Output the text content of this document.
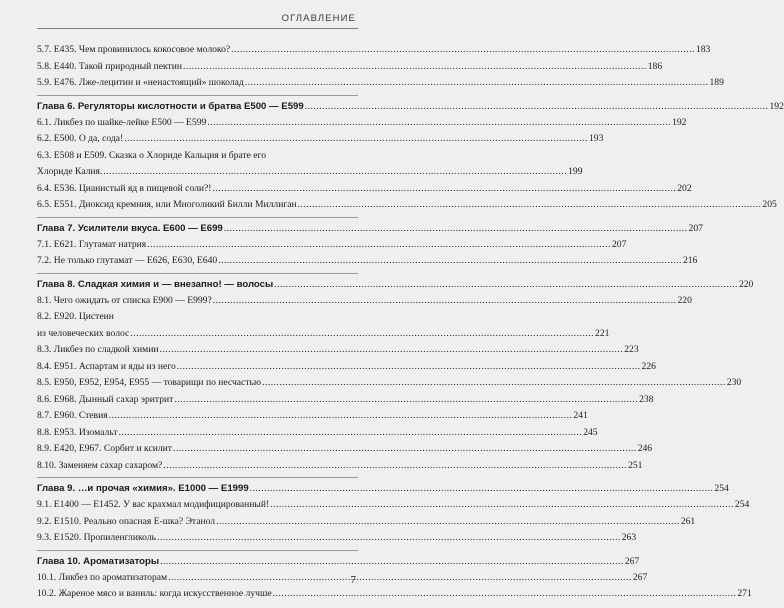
ОГЛАВЛЕНИЕ
5.7. Е435. Чем провинилось кокосовое молоко? .....	183
5.8. Е440. Такой природный пектин .....	186
5.9. Е476. Лже-лецитин и «ненастоящий» шоколад .....	189
Глава 6. Регуляторы кислотности и братва Е500 — Е599 .....	192
6.1. Ликбез по шайке-лейке Е500 — Е599 .....	192
6.2. Е500. О да, сода! .....	193
6.3. Е508 и Е509. Сказка о Хлориде Кальция и брате его
Хлориде Калия. .....	199
6.4. Е536. Цианистый яд в пищевой соли?! .....	202
6.5. Е551. Диоксид кремния, или Многоликий Билли Миллиган .....	205
Глава 7. Усилители вкуса. Е600 — Е699 .....	207
7.1. Е621. Глутамат натрия .....	207
7.2. Не только глутамат — Е626, Е630, Е640 .....	216
Глава 8. Сладкая химия и — внезапно! — волосы .....	220
8.1. Чего ожидать от списка Е900 — Е999? .....	220
8.2. Е920. Цистеин
из человеческих волос .....	221
8.3. Ликбез по сладкой химии .....	223
8.4. Е951. Аспартам и яды из него .....	226
8.5. Е950, Е952, Е954, Е955 — товарищи по несчастью .....	230
8.6. Е968. Дынный сахар эритрит .....	238
8.7. Е960. Стевия .....	241
8.8. Е953. Изомальт .....	245
8.9. Е420, Е967. Сорбит и ксилит .....	246
8.10. Заменяем сахар сахаром? .....	251
Глава 9. …и прочая «химия». Е1000 — Е1999 .....	254
9.1. Е1400 — Е1452. У вас крахмал модифицированный! .....	254
9.2. Е1510. Реально опасная Е-шка? Этанол .....	261
9.3. Е1520. Пропиленгликоль .....	263
Глава 10. Ароматизаторы .....	267
10.1. Ликбез по ароматизаторам .....	267
10.2. Жареное мясо и ваниль: когда искусственное лучше .....	271
7
